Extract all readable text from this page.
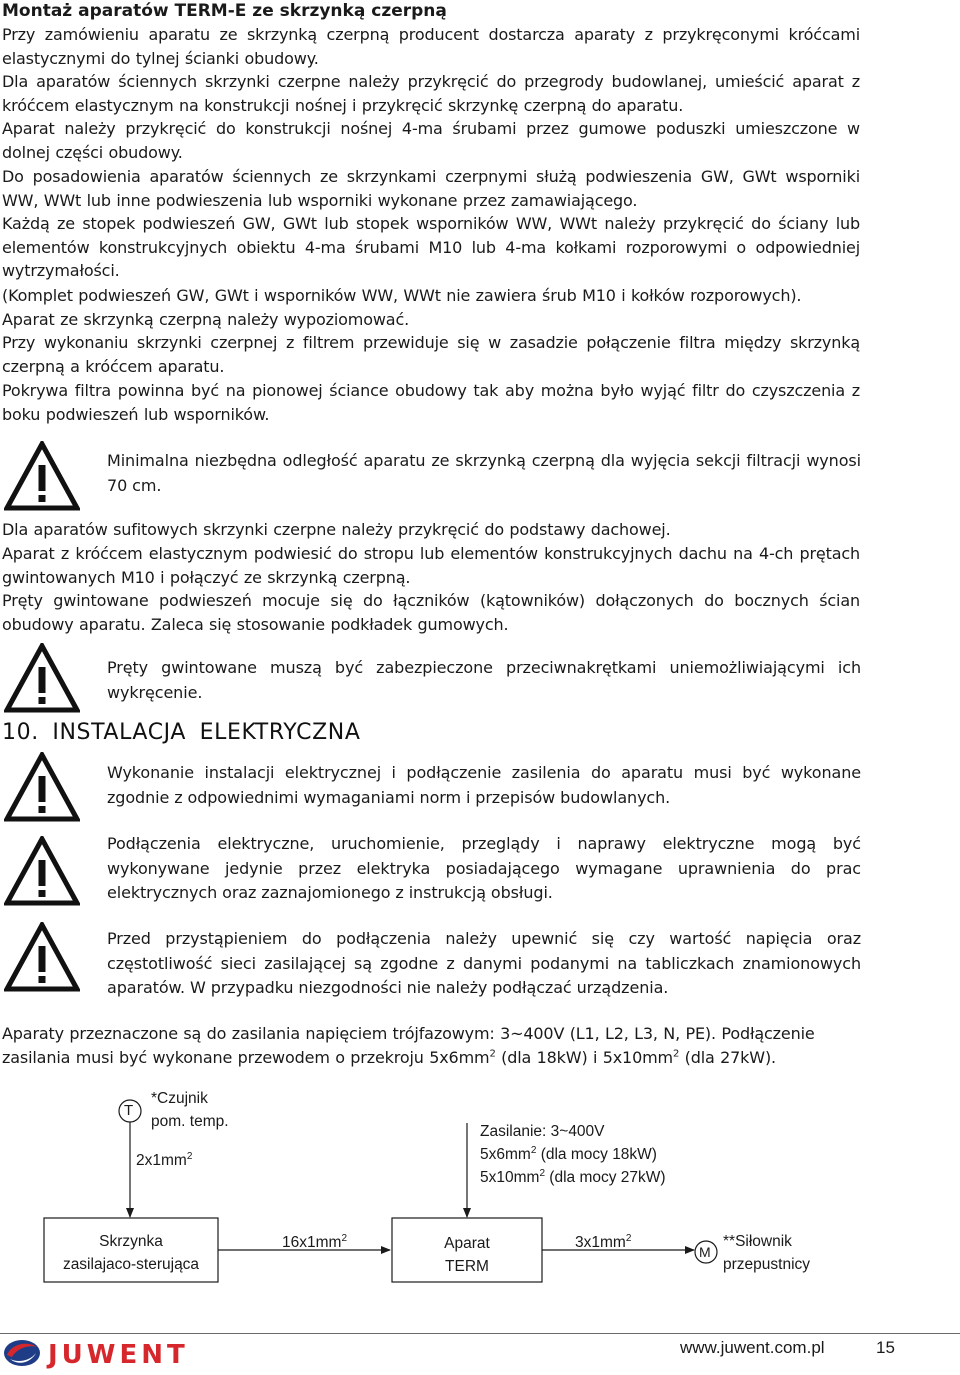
Montaż aparatów TERM-E ze skrzynką czerpną
Przy zamówieniu aparatu ze skrzynką czerpną producent dostarcza aparaty z przykręconymi króćcami elastycznymi do tylnej ścianki obudowy.
Dla aparatów ściennych skrzynki czerpne należy przykręcić do przegrody budowlanej, umieścić aparat z króćcem elastycznym na konstrukcji nośnej i przykręcić skrzynkę czerpną do aparatu.
Aparat należy przykręcić do konstrukcji nośnej 4-ma śrubami przez gumowe poduszki umieszczone w dolnej części obudowy.
Do posadowienia aparatów ściennych ze skrzynkami czerpnymi służą podwieszenia GW, GWt wsporniki WW, WWt lub inne podwieszenia lub wsporniki wykonane przez zamawiającego.
Każdą ze stopek podwieszeń GW, GWt lub stopek wsporników WW, WWt należy przykręcić do ściany lub elementów konstrukcyjnych obiektu 4-ma śrubami M10 lub 4-ma kołkami rozporowymi o odpowiedniej wytrzymałości.
(Komplet podwieszeń GW, GWt i wsporników WW, WWt nie zawiera śrub M10 i kołków rozporowych).
Aparat ze skrzynką czerpną należy wypoziomować.
Przy wykonaniu skrzynki czerpnej z filtrem przewiduje się w zasadzie połączenie filtra między skrzynką czerpną a króćcem aparatu.
Pokrywa filtra powinna być na pionowej ściance obudowy tak aby można było wyjąć filtr do czyszczenia z boku podwieszeń lub wsporników.
Minimalna niezbędna odległość aparatu ze skrzynką czerpną dla wyjęcia sekcji filtracji wynosi 70 cm.
Dla aparatów sufitowych skrzynki czerpne należy przykręcić do podstawy dachowej.
Aparat z króćcem elastycznym podwiesić do stropu lub elementów konstrukcyjnych dachu na 4-ch prętach gwintowanych M10 i połączyć ze skrzynką czerpną.
Pręty gwintowane podwieszeń mocuje się do łączników (kątowników) dołączonych do bocznych ścian obudowy aparatu. Zaleca się stosowanie podkładek gumowych.
Pręty gwintowane muszą być zabezpieczone przeciwnakrętkami uniemożliwiającymi ich wykręcenie.
10. INSTALACJA ELEKTRYCZNA
Wykonanie instalacji elektrycznej i podłączenie zasilenia do aparatu musi być wykonane zgodnie z odpowiednimi wymaganiami norm i przepisów budowlanych.
Podłączenia elektryczne, uruchomienie, przeglądy i naprawy elektryczne mogą być wykonywane jedynie przez elektryka posiadającego wymagane uprawnienia do prac elektrycznych oraz zaznajomionego z instrukcją obsługi.
Przed przystąpieniem do podłączenia należy upewnić się czy wartość napięcia oraz częstotliwość sieci zasilającej są zgodne z danymi podanymi na tabliczkach znamionowych aparatów. W przypadku niezgodności nie należy podłączać urządzenia.
Aparaty przeznaczone są do zasilania napięciem trójfazowym: 3~400V (L1, L2, L3, N, PE). Podłączenie
zasilania musi być wykonane przewodem o przekroju $5x6mm^2$ (dla 18kW) i $5x10mm^2$ (dla 27kW).
T
*Czujnik
pom. temp.
$2x1mm^2$
Zasilanie: 3~400V
$5x6mm^2$ (dla mocy 18kW)
$5x10mm^2$ (dla mocy 27kW)
Skrzynka
zasilajaco-sterująca
$16x1mm^2$	Aparat
TERM
$3x1mm^2$
M
**Siłownik
przepustnicy
JUWENT	www.juwent.com.pl	15
